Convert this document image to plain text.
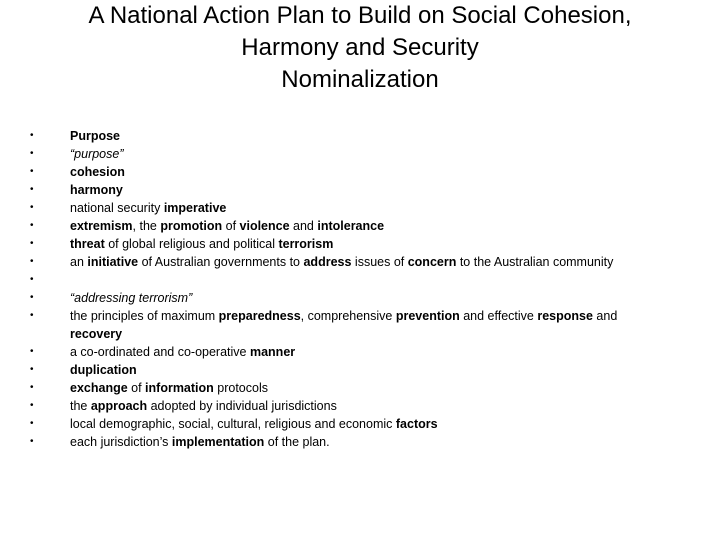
A National Action Plan to Build on Social Cohesion,
Harmony and Security
Nominalization
•	Purpose
•	“purpose”
•	cohesion
•	harmony
•	national security imperative
•	extremism, the promotion of violence and intolerance
•	threat of global religious and political terrorism
•	an initiative of Australian governments to address issues of concern to the Australian community
•
•	“addressing terrorism”
•	the principles of maximum preparedness, comprehensive prevention and effective response and recovery
•	a co-ordinated and co-operative manner
•	duplication
•	exchange of information protocols
•	the approach adopted by individual jurisdictions
•	local demographic, social, cultural, religious and economic factors
•	each jurisdiction’s implementation of the plan.
